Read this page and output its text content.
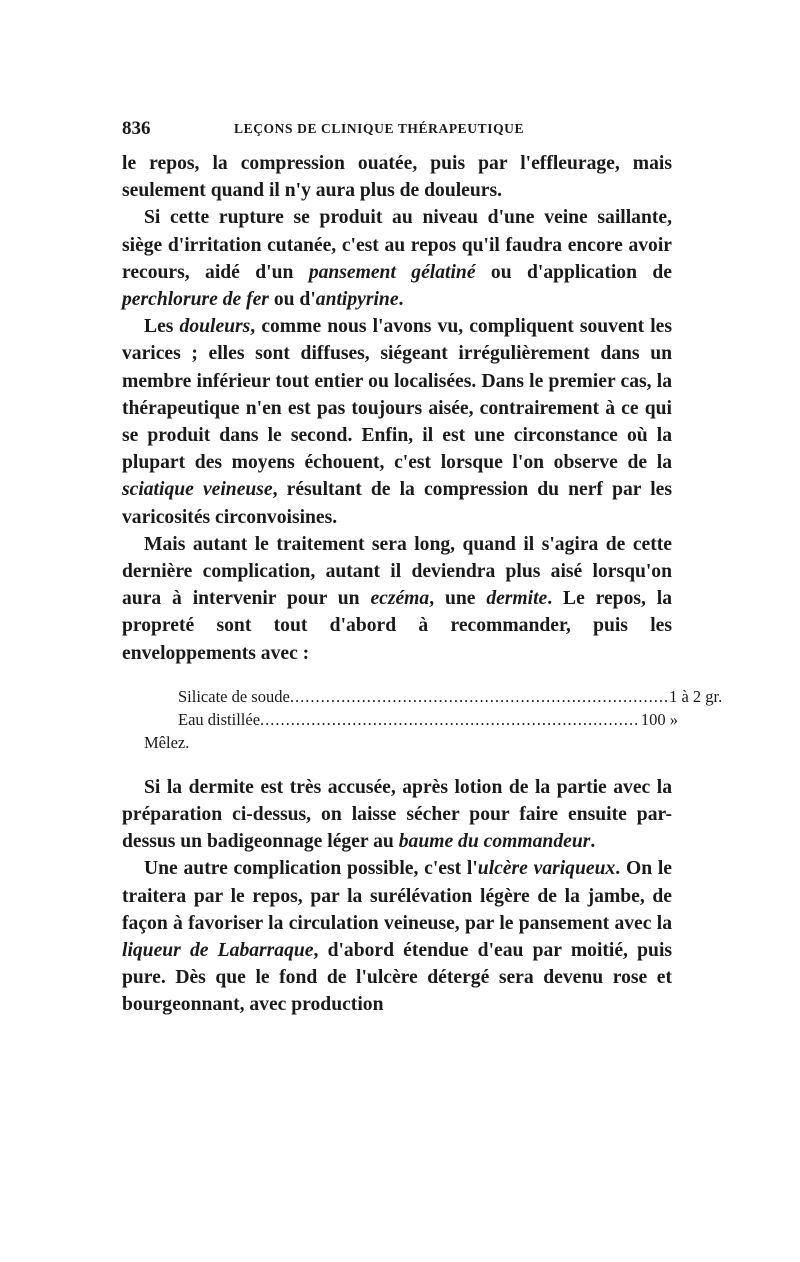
836	LEÇONS DE CLINIQUE THÉRAPEUTIQUE

le repos, la compression ouatée, puis par l'effleurage, mais seulement quand il n'y aura plus de douleurs.

Si cette rupture se produit au niveau d'une veine saillante, siège d'irritation cutanée, c'est au repos qu'il faudra encore avoir recours, aidé d'un pansement gélatiné ou d'application de perchlorure de fer ou d'antipyrine.

Les douleurs, comme nous l'avons vu, compliquent souvent les varices ; elles sont diffuses, siégeant irrégulièrement dans un membre inférieur tout entier ou localisées. Dans le premier cas, la thérapeutique n'en est pas toujours aisée, contrairement à ce qui se produit dans le second. Enfin, il est une circonstance où la plupart des moyens échouent, c'est lorsque l'on observe de la sciatique veineuse, résultant de la compression du nerf par les varicosités circonvoisines.

Mais autant le traitement sera long, quand il s'agira de cette dernière complication, autant il deviendra plus aisé lorsqu'on aura à intervenir pour un eczéma, une dermite. Le repos, la propreté sont tout d'abord à recommander, puis les enveloppements avec :

Silicate de soude .......................................................................... 1 à 2 gr.
Eau distillée .......................................................................... 100 »
Mêlez.

Si la dermite est très accusée, après lotion de la partie avec la préparation ci-dessus, on laisse sécher pour faire ensuite par-dessus un badigeonnage léger au baume du commandeur.

Une autre complication possible, c'est l'ulcère variqueux. On le traitera par le repos, par la surélévation légère de la jambe, de façon à favoriser la circulation veineuse, par le pansement avec la liqueur de Labarraque, d'abord étendue d'eau par moitié, puis pure. Dès que le fond de l'ulcère détergé sera devenu rose et bourgeonnant, avec production
